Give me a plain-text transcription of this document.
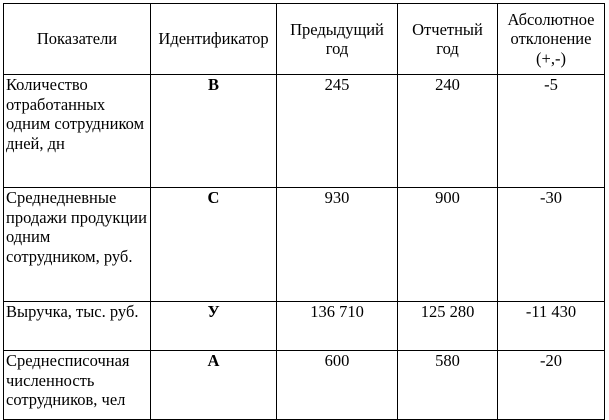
Показатели	Идентификатор	Предыдущий год	Отчетный год	Абсолютное отклонение (+,-)
Количество отработанных одним сотрудником дней, дн	В	245	240	-5
Среднедневные продажи продукции одним сотрудником, руб.	С	930	900	-30
Выручка, тыс. руб.	У	136 710	125 280	-11 430
Среднесписочная численность сотрудников, чел	А	600	580	-20
